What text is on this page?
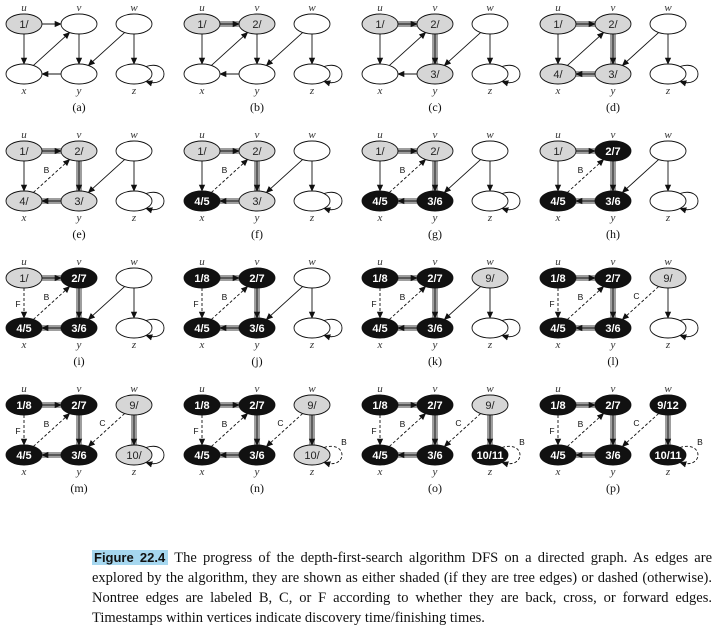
u	v	w
x	y	z
1/
(a)
u	v	w
x	y	z
1/	2/
(b)
u	v	w
x	y	z
1/	2/
3/
(c)
u	v	w
x	y	z
1/	2/
4/	3/
(d)
u	v	w
x	y	z
B
1/	2/
4/	3/
(e)
u	v	w
x	y	z
B
1/	2/
4/5	3/
(f)
u	v	w
x	y	z
B
1/	2/
4/5	3/6
(g)
u	v	w
x	y	z
B
1/	2/7
4/5	3/6
(h)
u	v	w
x	y	z
F
B
1/	2/7
4/5	3/6
(i)
u	v	w
x	y	z
F
B
1/8	2/7
4/5	3/6
(j)
u	v	w
x	y	z
F
B
1/8	2/7	9/
4/5	3/6
(k)
u	v	w
x	y	z
F
B	C
1/8	2/7	9/
4/5	3/6
(l)
u	v	w
x	y	z
F
B	C
1/8	2/7	9/
4/5	3/6	10/
(m)
u	v	w
x	y	z
F
B	C
B
1/8	2/7	9/
4/5	3/6	10/
(n)
u	v	w
x	y	z
F
B	C
B
1/8	2/7	9/
4/5	3/6	10/11
(o)
u	v	w
x	y	z
F
B	C
B
1/8	2/7	9/12
4/5	3/6	10/11
(p)
Figure 22.4 The progress of the depth-first-search algorithm DFS on a directed graph. As edges are explored by the algorithm, they are shown as either shaded (if they are tree edges) or dashed (otherwise). Nontree edges are labeled B, C, or F according to whether they are back, cross, or forward edges. Timestamps within vertices indicate discovery time/finishing times.
